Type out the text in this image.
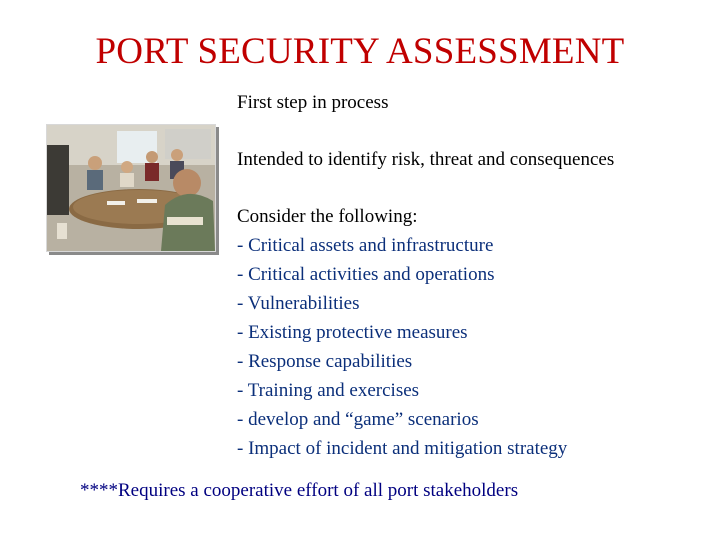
PORT SECURITY ASSESSMENT
First step in process
Intended to identify risk, threat and consequences
Consider the following:
- Critical assets and infrastructure
- Critical activities and operations
- Vulnerabilities
- Existing protective measures
- Response capabilities
- Training and exercises
- develop and “game” scenarios
- Impact of incident and mitigation strategy
****Requires a cooperative effort of all port stakeholders
